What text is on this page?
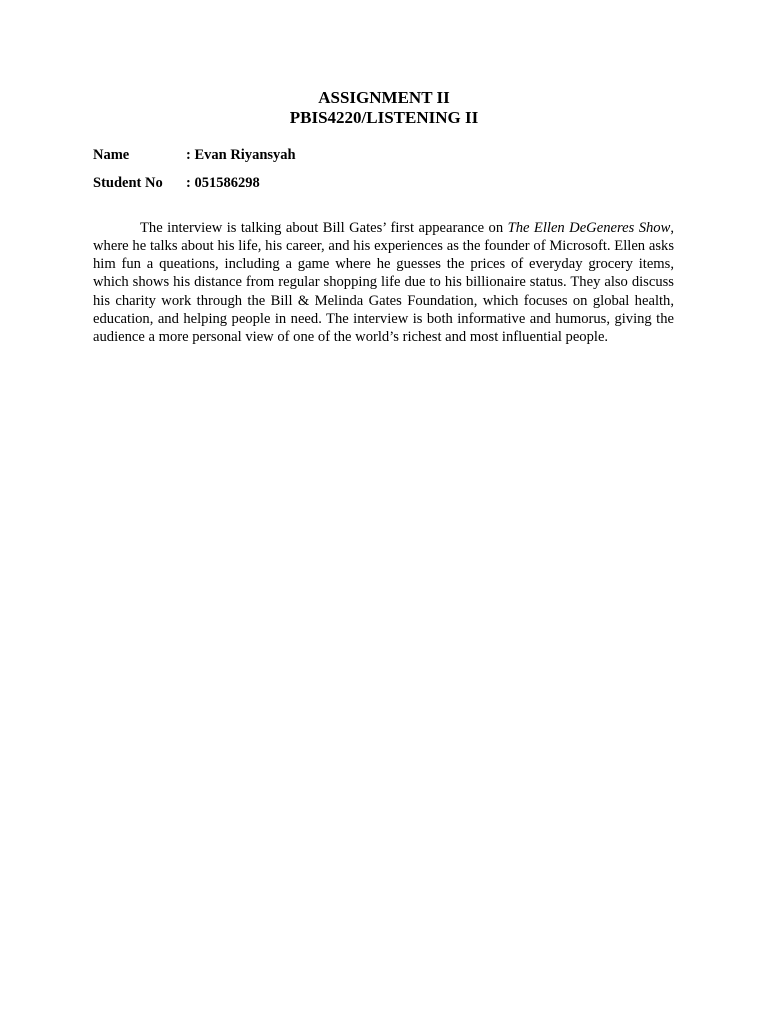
ASSIGNMENT II
PBIS4220/LISTENING II
Name	: Evan Riyansyah
Student No : 051586298

The interview is talking about Bill Gates’ first appearance on The Ellen DeGeneres Show, where he talks about his life, his career, and his experiences as the founder of Microsoft. Ellen asks him fun a queations, including a game where he guesses the prices of everyday grocery items, which shows his distance from regular shopping life due to his billionaire status. They also discuss his charity work through the Bill & Melinda Gates Foundation, which focuses on global health, education, and helping people in need. The interview is both informative and humorus, giving the audience a more personal view of one of the world’s richest and most influential people.
